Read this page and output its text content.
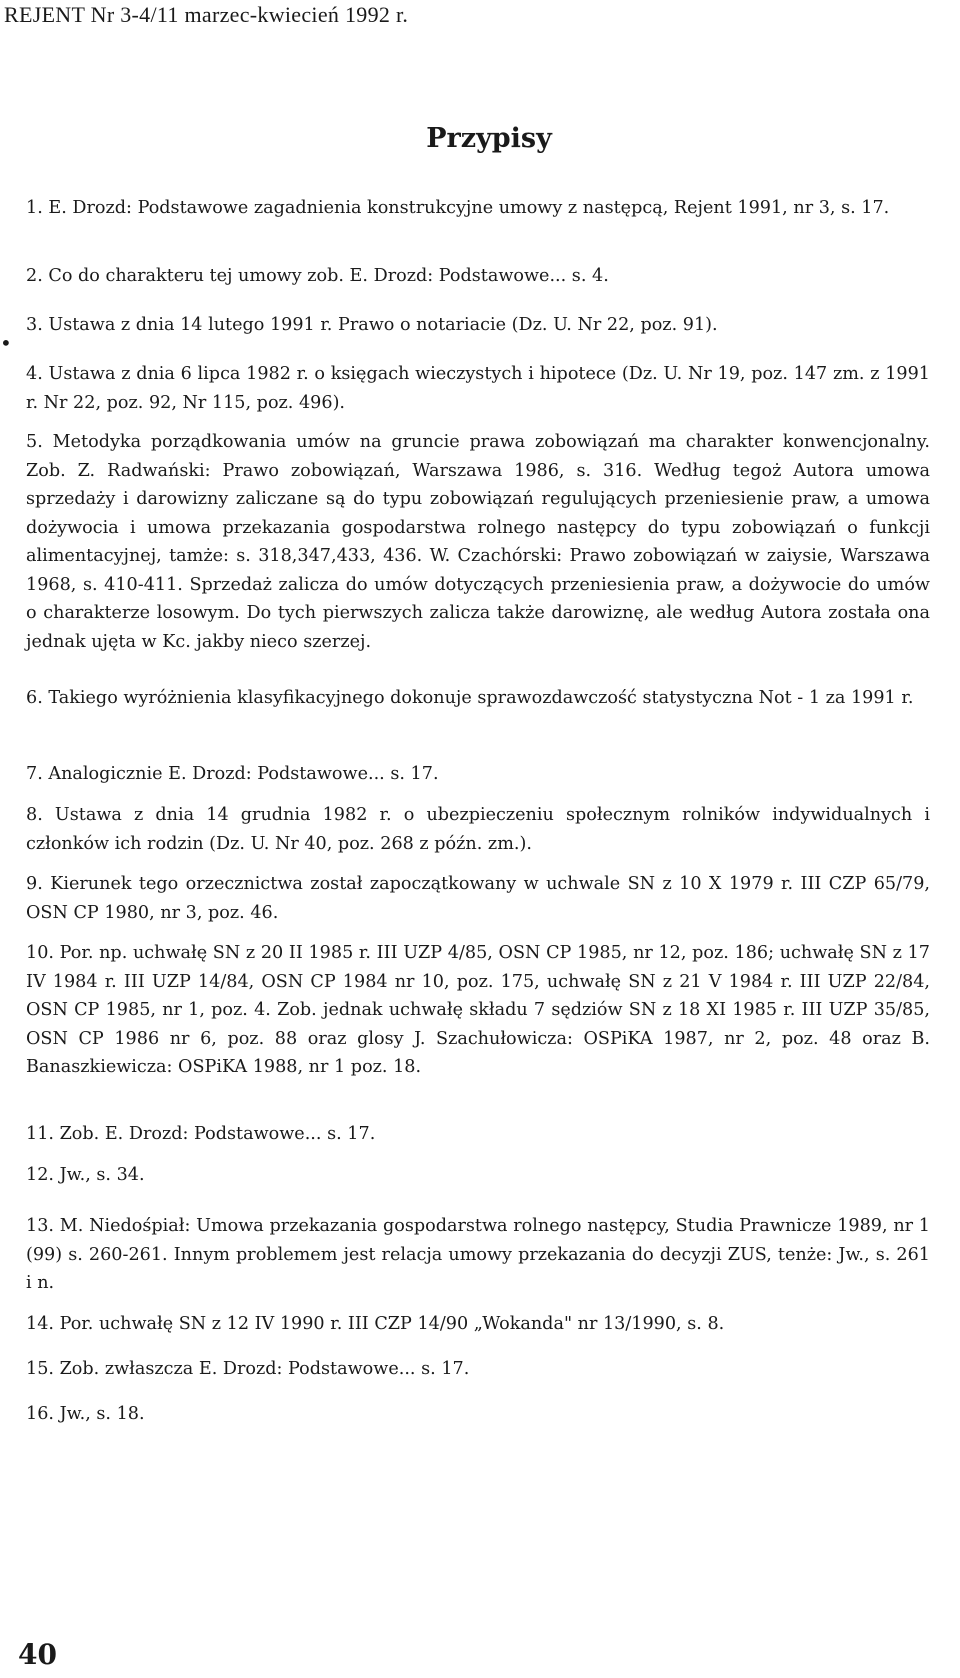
REJENT Nr 3-4/11 marzec-kwiecień 1992 r.
Przypisy
•
1. E. Drozd: Podstawowe zagadnienia konstrukcyjne umowy z następcą, Rejent 1991, nr 3, s. 17.
2. Co do charakteru tej umowy zob. E. Drozd: Podstawowe... s. 4.
3. Ustawa z dnia 14 lutego 1991 r. Prawo o notariacie (Dz. U. Nr 22, poz. 91).
4. Ustawa z dnia 6 lipca 1982 r. o księgach wieczystych i hipotece (Dz. U. Nr 19, poz. 147 zm. z 1991 r. Nr 22, poz. 92, Nr 115, poz. 496).
5. Metodyka porządkowania umów na gruncie prawa zobowiązań ma charakter konwencjonalny. Zob. Z. Radwański: Prawo zobowiązań, Warszawa 1986, s. 316. Według tegoż Autora umowa sprzedaży i darowizny zaliczane są do typu zobowiązań regulujących przeniesienie praw, a umowa dożywocia i umowa przekazania gospodarstwa rolnego następcy do typu zobowiązań o funkcji alimentacyjnej, tamże: s. 318,347,433, 436. W. Czachórski: Prawo zobowiązań w zaiysie, Warszawa 1968, s. 410-411. Sprzedaż zalicza do umów dotyczących przeniesienia praw, a dożywocie do umów o charakterze losowym. Do tych pierwszych zalicza także darowiznę, ale według Autora została ona jednak ujęta w Kc. jakby nieco szerzej.
6. Takiego wyróżnienia klasyfikacyjnego dokonuje sprawozdawczość statystyczna Not - 1 za 1991 r.
7. Analogicznie E. Drozd: Podstawowe... s. 17.
8. Ustawa z dnia 14 grudnia 1982 r. o ubezpieczeniu społecznym rolników indywidualnych i członków ich rodzin (Dz. U. Nr 40, poz. 268 z późn. zm.).
9. Kierunek tego orzecznictwa został zapoczątkowany w uchwale SN z 10 X 1979 r. III CZP 65/79, OSN CP 1980, nr 3, poz. 46.
10. Por. np. uchwałę SN z 20 II 1985 r. III UZP 4/85, OSN CP 1985, nr 12, poz. 186; uchwałę SN z 17 IV 1984 r. III UZP 14/84, OSN CP 1984 nr 10, poz. 175, uchwałę SN z 21 V 1984 r. III UZP 22/84, OSN CP 1985, nr 1, poz. 4. Zob. jednak uchwałę składu 7 sędziów SN z 18 XI 1985 r. III UZP 35/85, OSN CP 1986 nr 6, poz. 88 oraz glosy J. Szachułowicza: OSPiKA 1987, nr 2, poz. 48 oraz B. Banaszkiewicza: OSPiKA 1988, nr 1 poz. 18.
11. Zob. E. Drozd: Podstawowe... s. 17.
12. Jw., s. 34.
13. M. Niedośpiał: Umowa przekazania gospodarstwa rolnego następcy, Studia Prawnicze 1989, nr 1 (99) s. 260-261. Innym problemem jest relacja umowy przekazania do decyzji ZUS, tenże: Jw., s. 261 i n.
14. Por. uchwałę SN z 12 IV 1990 r. III CZP 14/90 „Wokanda" nr 13/1990, s. 8.
15. Zob. zwłaszcza E. Drozd: Podstawowe... s. 17.
16. Jw., s. 18.
40
